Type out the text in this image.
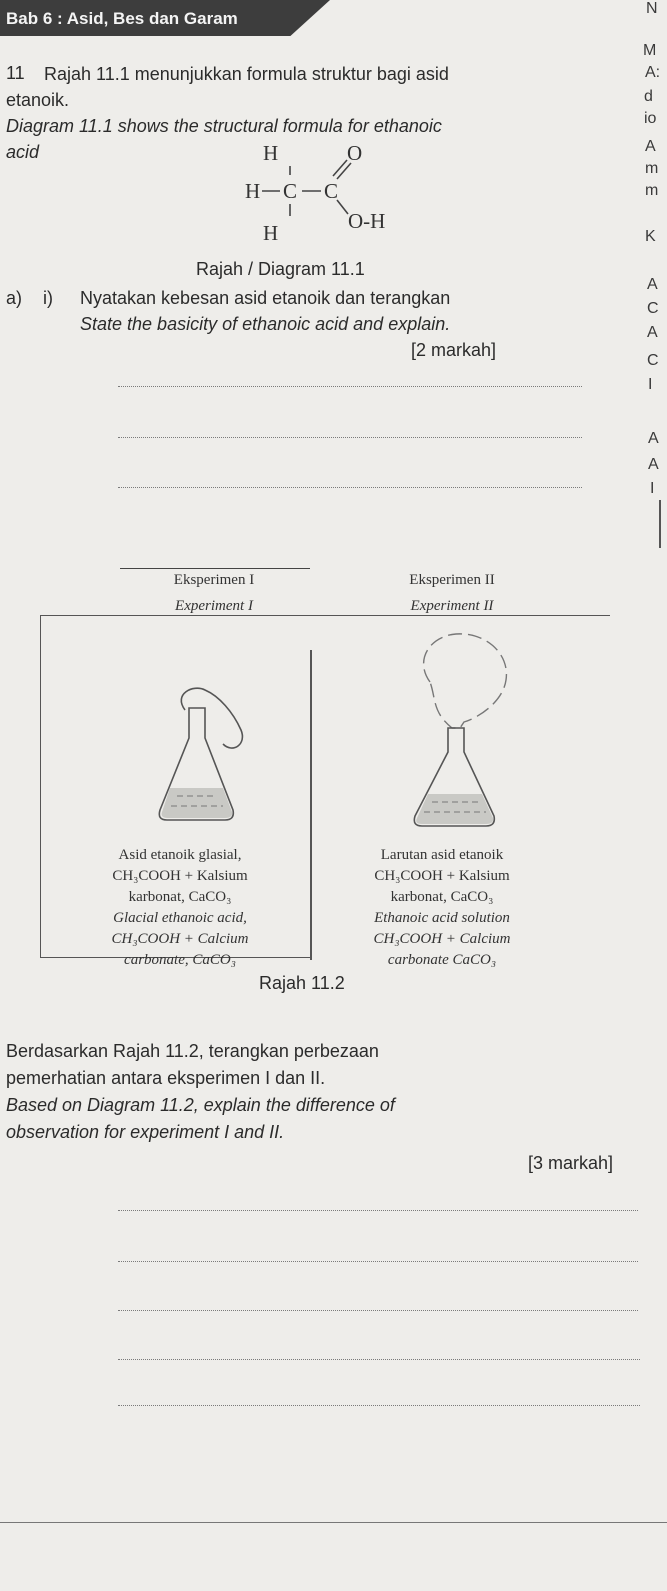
Bab 6 : Asid, Bes dan Garam
N
M
A:
d
io
A
m
m
K
A
C
A
C
I
A
A
I
11 Rajah 11.1 menunjukkan formula struktur bagi asid
etanoik.
Diagram 11.1 shows the structural formula for ethanoic
acid	H
H C C
O
H	O-H
Rajah / Diagram 11.1
a) i) Nyatakan kebesan asid etanoik dan terangkan
State the basicity of ethanoic acid and explain.
[2 markah]
Eksperimen I	Eksperimen II
Experiment I	Experiment II
Asid etanoik glasial,
CH₃COOH + Kalsium
karbonat, CaCO₃
Glacial ethanoic acid,
CH₃COOH + Calcium
carbonate, CaCO₃
Larutan asid etanoik
CH₃COOH + Kalsium
karbonat, CaCO₃
Ethanoic acid solution
CH₃COOH + Calcium
carbonate CaCO₃
Rajah 11.2
Berdasarkan Rajah 11.2, terangkan perbezaan
pemerhatian antara eksperimen I dan II.
Based on Diagram 11.2, explain the difference of
observation for experiment I and II.
[3 markah]
